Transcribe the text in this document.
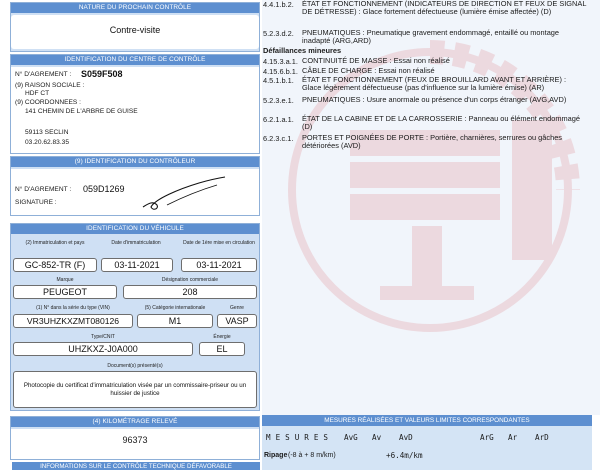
NATURE DU PROCHAIN CONTRÔLE
Contre-visite
IDENTIFICATION DU CENTRE DE CONTRÔLE
N° D'AGREMENT : S059F508
(9) RAISON SOCIALE :
HDF CT
(9) COORDONNEES :
141 CHEMIN DE L'ARBRE DE GUISE
59113 SECLIN
03.20.62.83.35
(9) IDENTIFICATION DU CONTRÔLEUR
N° D'AGREMENT : 059D1269
SIGNATURE :
IDENTIFICATION DU VÉHICULE
(2) Immatriculation et pays	Date d'immatriculation	Date de 1ère mise en circulation
GC-852-TR (F)	03-11-2021	03-11-2021
Marque	Désignation commerciale
PEUGEOT	208
(1) N° dans la série du type (VIN)	(5) Catégorie internationale	Genre
VR3UHZKXZMT080126	M1	VASP
Type/CNIT	Énergie
UHZKXZ-J0A000	EL
Document(s) présenté(s)
Photocopie du certificat d'immatriculation visée par un commissaire-priseur ou un huissier de justice
(4) KILOMÉTRAGE RELEVÉ
96373
INFORMATIONS SUR LE CONTRÔLE TECHNIQUE DÉFAVORABLE
4.4.1.b.2.	ÉTAT ET FONCTIONNEMENT (INDICATEURS DE DIRECTION ET FEUX DE SIGNAL DE DÉTRESSE) : Glace fortement défectueuse (lumière émise affectée) (D)
5.2.3.d.2.	PNEUMATIQUES : Pneumatique gravement endommagé, entaillé ou montage inadapté (ARG,ARD)
Défaillances mineures
4.15.3.a.1. CONTINUITÉ DE MASSE : Essai non réalisé
4.15.6.b.1. CÂBLE DE CHARGE : Essai non réalisé
4.5.1.b.1.	ÉTAT ET FONCTIONNEMENT (FEUX DE BROUILLARD AVANT ET ARRIÈRE) : Glace légèrement défectueuse (pas d'influence sur la lumière émise) (AR)
5.2.3.e.1.	PNEUMATIQUES : Usure anormale ou présence d'un corps étranger (AVG,AVD)
6.2.1.a.1.	ÉTAT DE LA CABINE ET DE LA CARROSSERIE : Panneau ou élément endommagé (D)
6.2.3.c.1.	PORTES ET POIGNÉES DE PORTE : Portière, charnières, serrures ou gâches détériorées (AVD)
MESURES RÉALISÉES ET VALEURS LIMITES CORRESPONDANTES
MESURES AvG Av AvD	ArG Ar ArD
Ripage (-8 à + 8 m/km)	+6.4m/km
